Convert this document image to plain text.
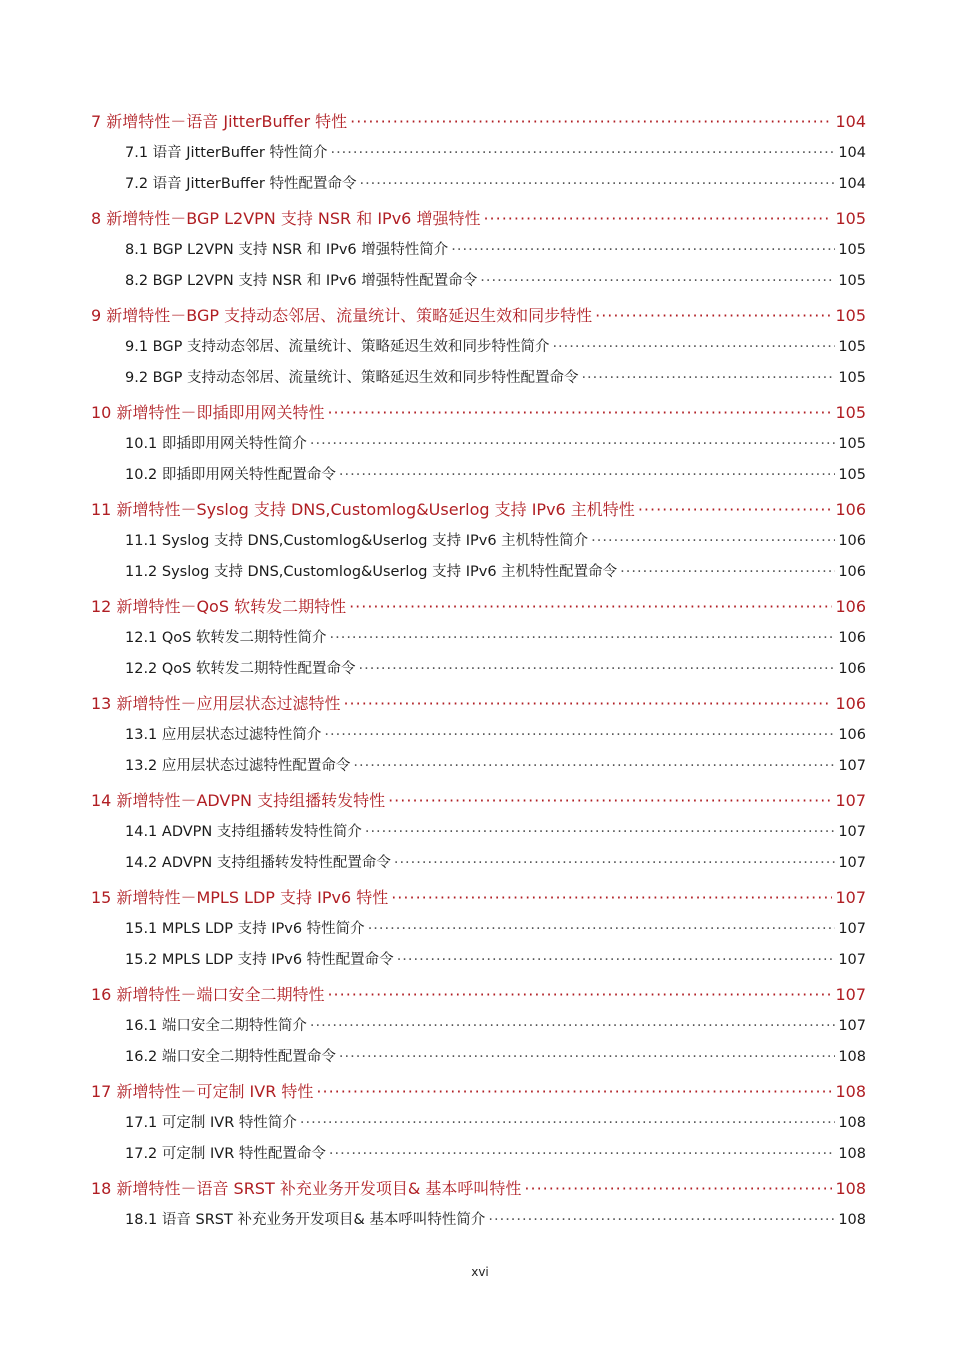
7 新增特性－语音 JitterBuffer 特性 ·····	104
7.1 语音 JitterBuffer 特性简介 ·····	104
7.2 语音 JitterBuffer 特性配置命令 ·····	104
8 新增特性－BGP L2VPN 支持 NSR 和 IPv6 增强特性 ·····	105
8.1 BGP L2VPN 支持 NSR 和 IPv6 增强特性简介 ·····	105
8.2 BGP L2VPN 支持 NSR 和 IPv6 增强特性配置命令 ·····	105
9 新增特性－BGP 支持动态邻居、流量统计、策略延迟生效和同步特性 ·····	105
9.1 BGP 支持动态邻居、流量统计、策略延迟生效和同步特性简介 ·····	105
9.2 BGP 支持动态邻居、流量统计、策略延迟生效和同步特性配置命令 ·····	105
10 新增特性－即插即用网关特性 ·····	105
10.1 即插即用网关特性简介 ·····	105
10.2 即插即用网关特性配置命令 ·····	105
11 新增特性－Syslog 支持 DNS,Customlog&Userlog 支持 IPv6 主机特性 ·····	106
11.1 Syslog 支持 DNS,Customlog&Userlog 支持 IPv6 主机特性简介 ·····	106
11.2 Syslog 支持 DNS,Customlog&Userlog 支持 IPv6 主机特性配置命令 ·····	106
12 新增特性－QoS 软转发二期特性 ·····	106
12.1 QoS 软转发二期特性简介 ·····	106
12.2 QoS 软转发二期特性配置命令 ·····	106
13 新增特性－应用层状态过滤特性 ·····	106
13.1 应用层状态过滤特性简介 ·····	106
13.2 应用层状态过滤特性配置命令 ·····	107
14 新增特性－ADVPN 支持组播转发特性 ·····	107
14.1 ADVPN 支持组播转发特性简介 ·····	107
14.2 ADVPN 支持组播转发特性配置命令 ·····	107
15 新增特性－MPLS LDP 支持 IPv6 特性 ·····	107
15.1 MPLS LDP 支持 IPv6 特性简介 ·····	107
15.2 MPLS LDP 支持 IPv6 特性配置命令 ·····	107
16 新增特性－端口安全二期特性 ·····	107
16.1 端口安全二期特性简介 ·····	107
16.2 端口安全二期特性配置命令 ·····	108
17 新增特性－可定制 IVR 特性 ·····	108
17.1 可定制 IVR 特性简介 ·····	108
17.2 可定制 IVR 特性配置命令 ·····	108
18 新增特性－语音 SRST 补充业务开发项目& 基本呼叫特性 ·····	108
18.1 语音 SRST 补充业务开发项目& 基本呼叫特性简介 ·····	108
xvi
